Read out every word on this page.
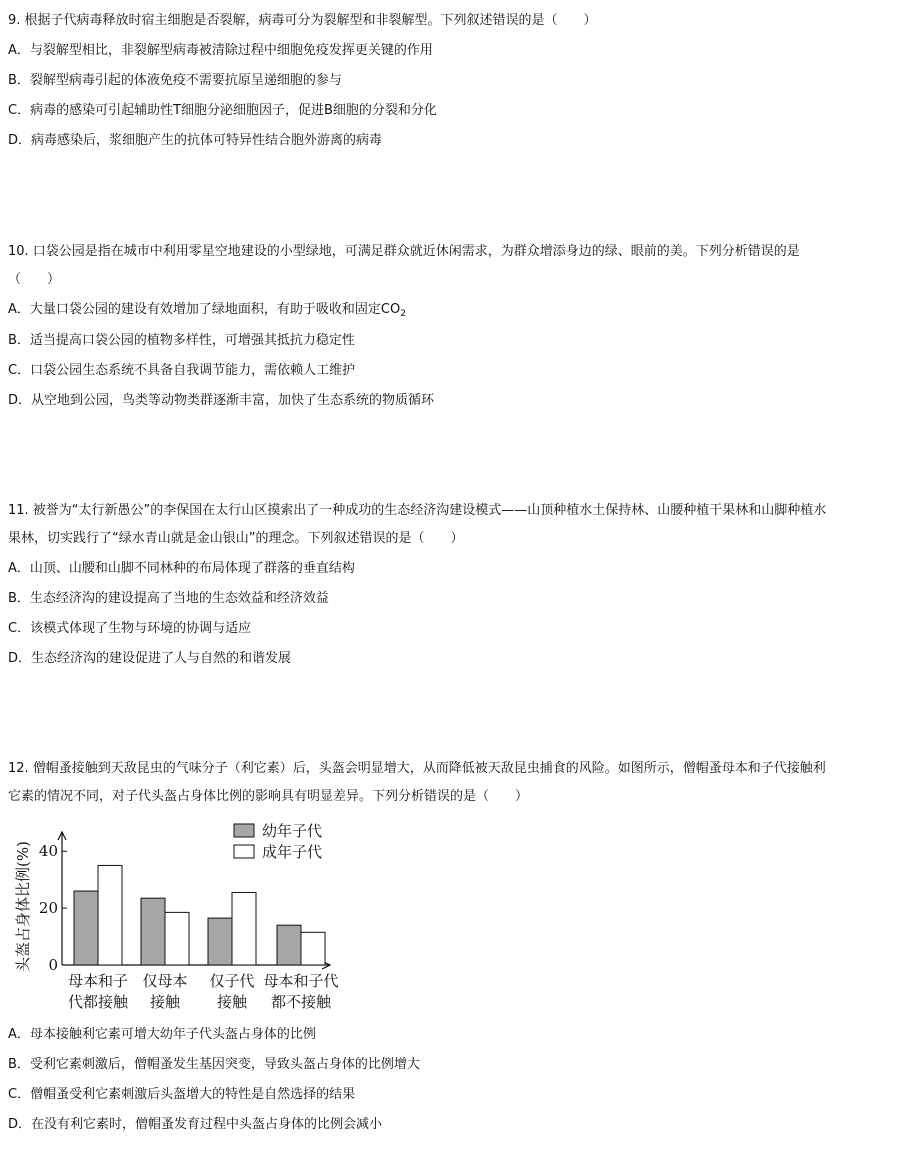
9. 根据子代病毒释放时宿主细胞是否裂解，病毒可分为裂解型和非裂解型。下列叙述错误的是（　　）
A．与裂解型相比，非裂解型病毒被清除过程中细胞免疫发挥更关键的作用
B．裂解型病毒引起的体液免疫不需要抗原呈递细胞的参与
C．病毒的感染可引起辅助性T细胞分泌细胞因子，促进B细胞的分裂和分化
D．病毒感染后，浆细胞产生的抗体可特异性结合胞外游离的病毒
10. 口袋公园是指在城市中利用零星空地建设的小型绿地，可满足群众就近休闲需求，为群众增添身边的绿、眼前的美。下列分析错误的是
（　　）
A．大量口袋公园的建设有效增加了绿地面积，有助于吸收和固定$CO_2$
B．适当提高口袋公园的植物多样性，可增强其抵抗力稳定性
C．口袋公园生态系统不具备自我调节能力，需依赖人工维护
D．从空地到公园，鸟类等动物类群逐渐丰富，加快了生态系统的物质循环
11. 被誉为“太行新愚公”的李保国在太行山区摸索出了一种成功的生态经济沟建设模式——山顶种植水土保持林、山腰种植干果林和山脚种植水
果林，切实践行了“绿水青山就是金山银山”的理念。下列叙述错误的是（　　）
A．山顶、山腰和山脚不同林种的布局体现了群落的垂直结构
B．生态经济沟的建设提高了当地的生态效益和经济效益
C．该模式体现了生物与环境的协调与适应
D．生态经济沟的建设促进了人与自然的和谐发展
12. 僧帽蚤接触到天敌昆虫的气味分子（利它素）后，头盔会明显增大，从而降低被天敌昆虫捕食的风险。如图所示，僧帽蚤母本和子代接触利
它素的情况不同，对子代头盔占身体比例的影响具有明显差异。下列分析错误的是（　　）
0
20
40
头盔占身体比例(%)
母本和子
代都接触
仅母本
接触
仅子代
接触
母本和子代
都不接触
幼年子代
成年子代
A．母本接触利它素可增大幼年子代头盔占身体的比例
B．受利它素刺激后，僧帽蚤发生基因突变，导致头盔占身体的比例增大
C．僧帽蚤受利它素刺激后头盔增大的特性是自然选择的结果
D．在没有利它素时，僧帽蚤发育过程中头盔占身体的比例会减小
